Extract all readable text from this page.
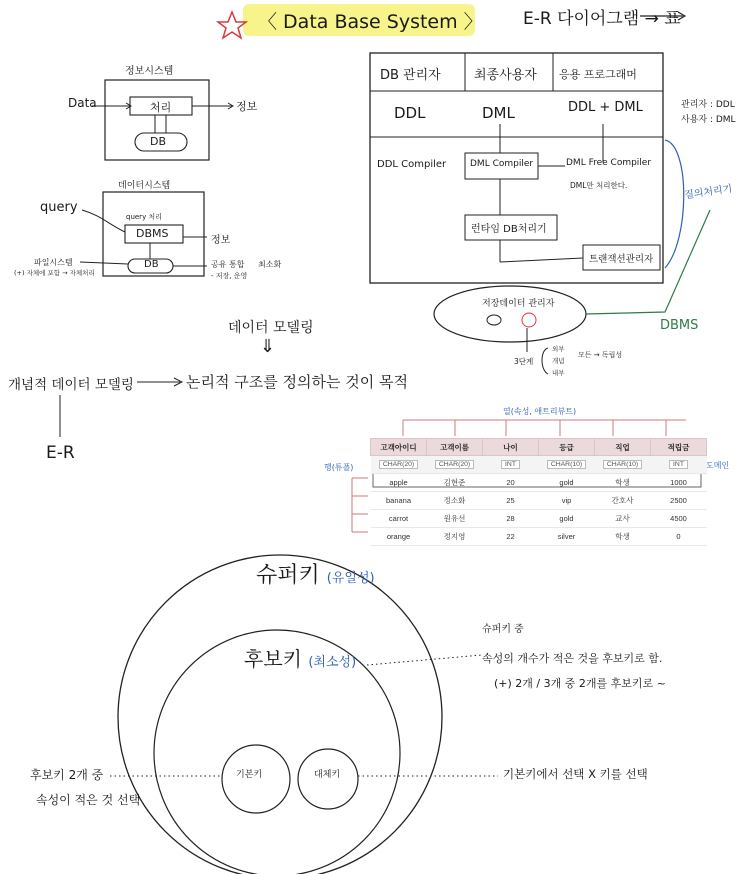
〈 Data Base System 〉 E-R 다이어그램 → 표
정보시스템
Data	처리
DB
정보
데이터시스템
query
query 처리
DBMS
DB
정보
공유 통합
- 저장, 운영
최소화
파일시스템
(+) 자체에 포함 → 자체처리
DB 관리자	최종사용자 응용 프로그래머
DDL	DML	DDL + DML	관리자 : DDL
사용자 : DML
DDL Compiler	DML Compiler	DML Free Compiler
DML만 처리한다.
런타임 DB처리기
트랜잭션관리자
질의처리기
저장데이터 관리자
DBMS
3단계
외부
개념
내부
모든 → 독립성
데이터 모델링
⇓
개념적 데이터 모델링	논리적 구조를 정의하는 것이 목적
E-R
열(속성, 애트리뷰트)
행(튜플)	도메인
고객아이디	고객이름	나이	등급	직업	적립금
CHAR(20)	CHAR(20)	INT	CHAR(10)	CHAR(10)	INT
apple	김현준	20	gold	학생	1000
banana	정소화	25	vip	간호사	2500
carrot	원유선	28	gold	교사	4500
orange	정지영	22	silver	학생	0
슈퍼키 (유일성)
후보키 (최소성)
기본키	대체키
슈퍼키 중
속성의 개수가 적은 것을 후보키로 함.
(+) 2개 / 3개 중 2개를 후보키로 ~
후보키 2개 중
속성이 적은 것 선택
기본키에서 선택 X 키를 선택
